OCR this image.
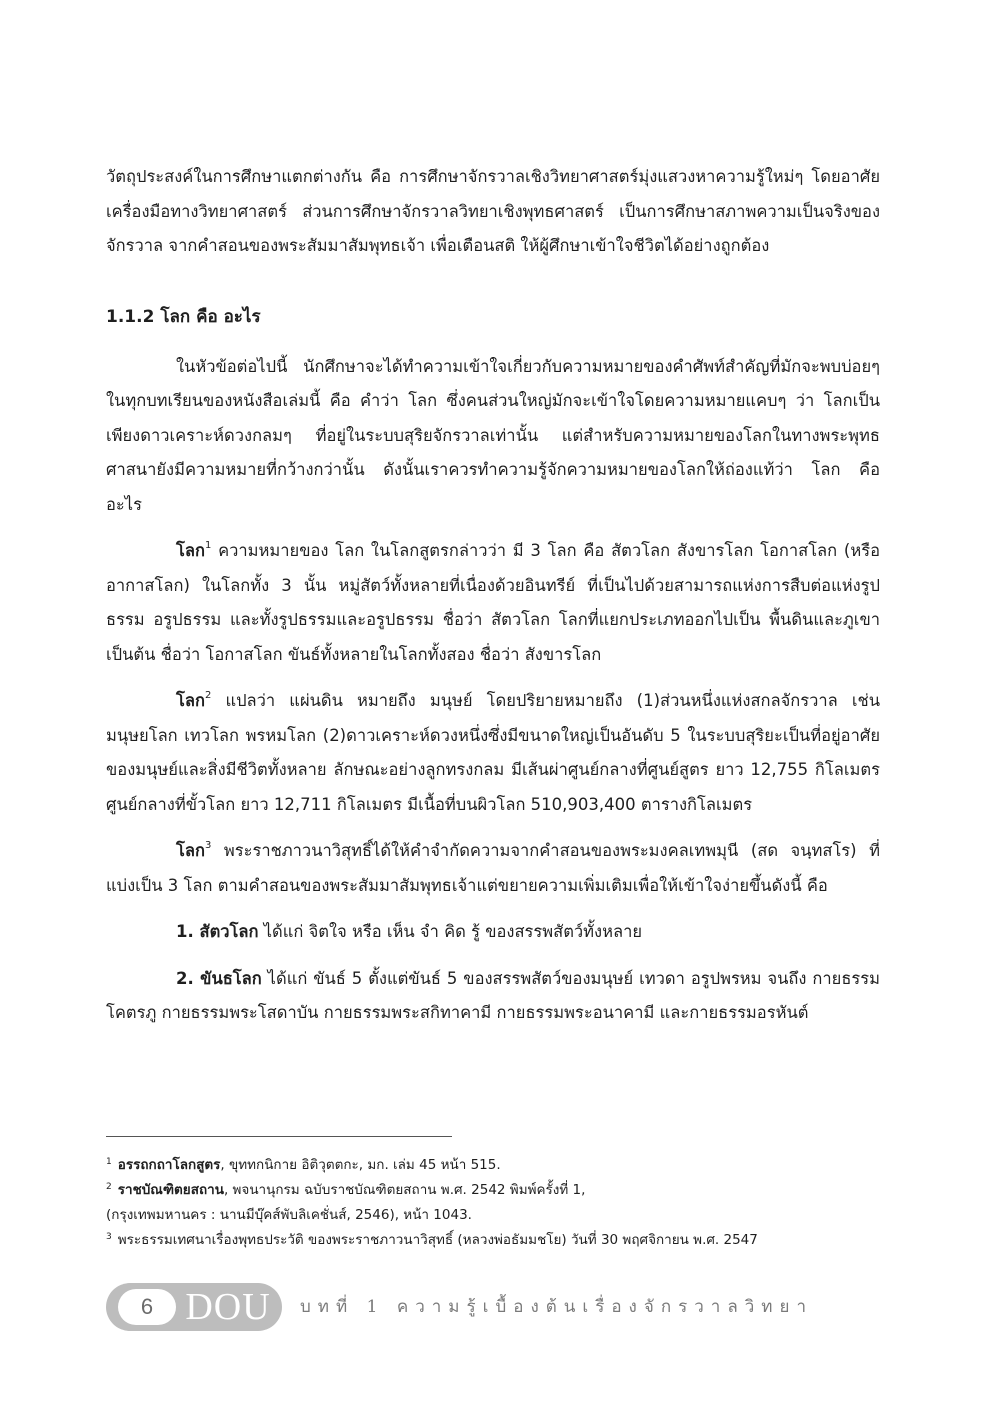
วัตถุประสงค์ในการศึกษาแตกต่างกัน คือ การศึกษาจักรวาลเชิงวิทยาศาสตร์มุ่งแสวงหาความรู้ใหม่ๆ โดยอาศัยเครื่องมือทางวิทยาศาสตร์ ส่วนการศึกษาจักรวาลวิทยาเชิงพุทธศาสตร์ เป็นการศึกษาสภาพความเป็นจริงของจักรวาล จากคำสอนของพระสัมมาสัมพุทธเจ้า เพื่อเตือนสติ ให้ผู้ศึกษาเข้าใจชีวิตได้อย่างถูกต้อง

1.1.2 โลก คือ อะไร

ในหัวข้อต่อไปนี้ นักศึกษาจะได้ทำความเข้าใจเกี่ยวกับความหมายของคำศัพท์สำคัญที่มักจะพบบ่อยๆ ในทุกบทเรียนของหนังสือเล่มนี้ คือ คำว่า โลก ซึ่งคนส่วนใหญ่มักจะเข้าใจโดยความหมายแคบๆ ว่า โลกเป็นเพียงดาวเคราะห์ดวงกลมๆ ที่อยู่ในระบบสุริยจักรวาลเท่านั้น แต่สำหรับความหมายของโลกในทางพระพุทธศาสนายังมีความหมายที่กว้างกว่านั้น ดังนั้นเราควรทำความรู้จักความหมายของโลกให้ถ่องแท้ว่า โลก คือ อะไร

โลก$^1$ ความหมายของ โลก ในโลกสูตรกล่าวว่า มี 3 โลก คือ สัตวโลก สังขารโลก โอกาสโลก (หรือ อากาสโลก) ในโลกทั้ง 3 นั้น หมู่สัตว์ทั้งหลายที่เนื่องด้วยอินทรีย์ ที่เป็นไปด้วยสามารถแห่งการสืบต่อแห่งรูปธรรม อรูปธรรม และทั้งรูปธรรมและอรูปธรรม ชื่อว่า สัตวโลก โลกที่แยกประเภทออกไปเป็น พื้นดินและภูเขาเป็นต้น ชื่อว่า โอกาสโลก ขันธ์ทั้งหลายในโลกทั้งสอง ชื่อว่า สังขารโลก

โลก$^2$ แปลว่า แผ่นดิน หมายถึง มนุษย์ โดยปริยายหมายถึง (1)ส่วนหนึ่งแห่งสกลจักรวาล เช่น มนุษยโลก เทวโลก พรหมโลก (2)ดาวเคราะห์ดวงหนึ่งซึ่งมีขนาดใหญ่เป็นอันดับ 5 ในระบบสุริยะเป็นที่อยู่อาศัยของมนุษย์และสิ่งมีชีวิตทั้งหลาย ลักษณะอย่างลูกทรงกลม มีเส้นผ่าศูนย์กลางที่ศูนย์สูตร ยาว 12,755 กิโลเมตร ศูนย์กลางที่ขั้วโลก ยาว 12,711 กิโลเมตร มีเนื้อที่บนผิวโลก 510,903,400 ตารางกิโลเมตร

โลก$^3$ พระราชภาวนาวิสุทธิ์ได้ให้คำจำกัดความจากคำสอนของพระมงคลเทพมุนี (สด จนฺทสโร) ที่แบ่งเป็น 3 โลก ตามคำสอนของพระสัมมาสัมพุทธเจ้าแต่ขยายความเพิ่มเติมเพื่อให้เข้าใจง่ายขึ้นดังนี้ คือ

1. สัตวโลก ได้แก่ จิตใจ หรือ เห็น จำ คิด รู้ ของสรรพสัตว์ทั้งหลาย

2. ขันธโลก ได้แก่ ขันธ์ 5 ตั้งแต่ขันธ์ 5 ของสรรพสัตว์ของมนุษย์ เทวดา อรูปพรหม จนถึง กายธรรมโคตรภู กายธรรมพระโสดาบัน กายธรรมพระสกิทาคามี กายธรรมพระอนาคามี และกายธรรมอรหันต์

$^1$ อรรถกถาโลกสูตร, ขุททกนิกาย อิติวุตตกะ, มก. เล่ม 45 หน้า 515.

$^2$ ราชบัณฑิตยสถาน, พจนานุกรม ฉบับราชบัณฑิตยสถาน พ.ศ. 2542 พิมพ์ครั้งที่ 1,

(กรุงเทพมหานคร : นานมีบุ๊คส์พับลิเคชั่นส์, 2546), หน้า 1043.

$^3$ พระธรรมเทศนาเรื่องพุทธประวัติ ของพระราชภาวนาวิสุทธิ์ (หลวงพ่อธัมมชโย) วันที่ 30 พฤศจิกายน พ.ศ. 2547

6 DOU	บทที่ 1 ความรู้เบื้องต้นเรื่องจักรวาลวิทยา
